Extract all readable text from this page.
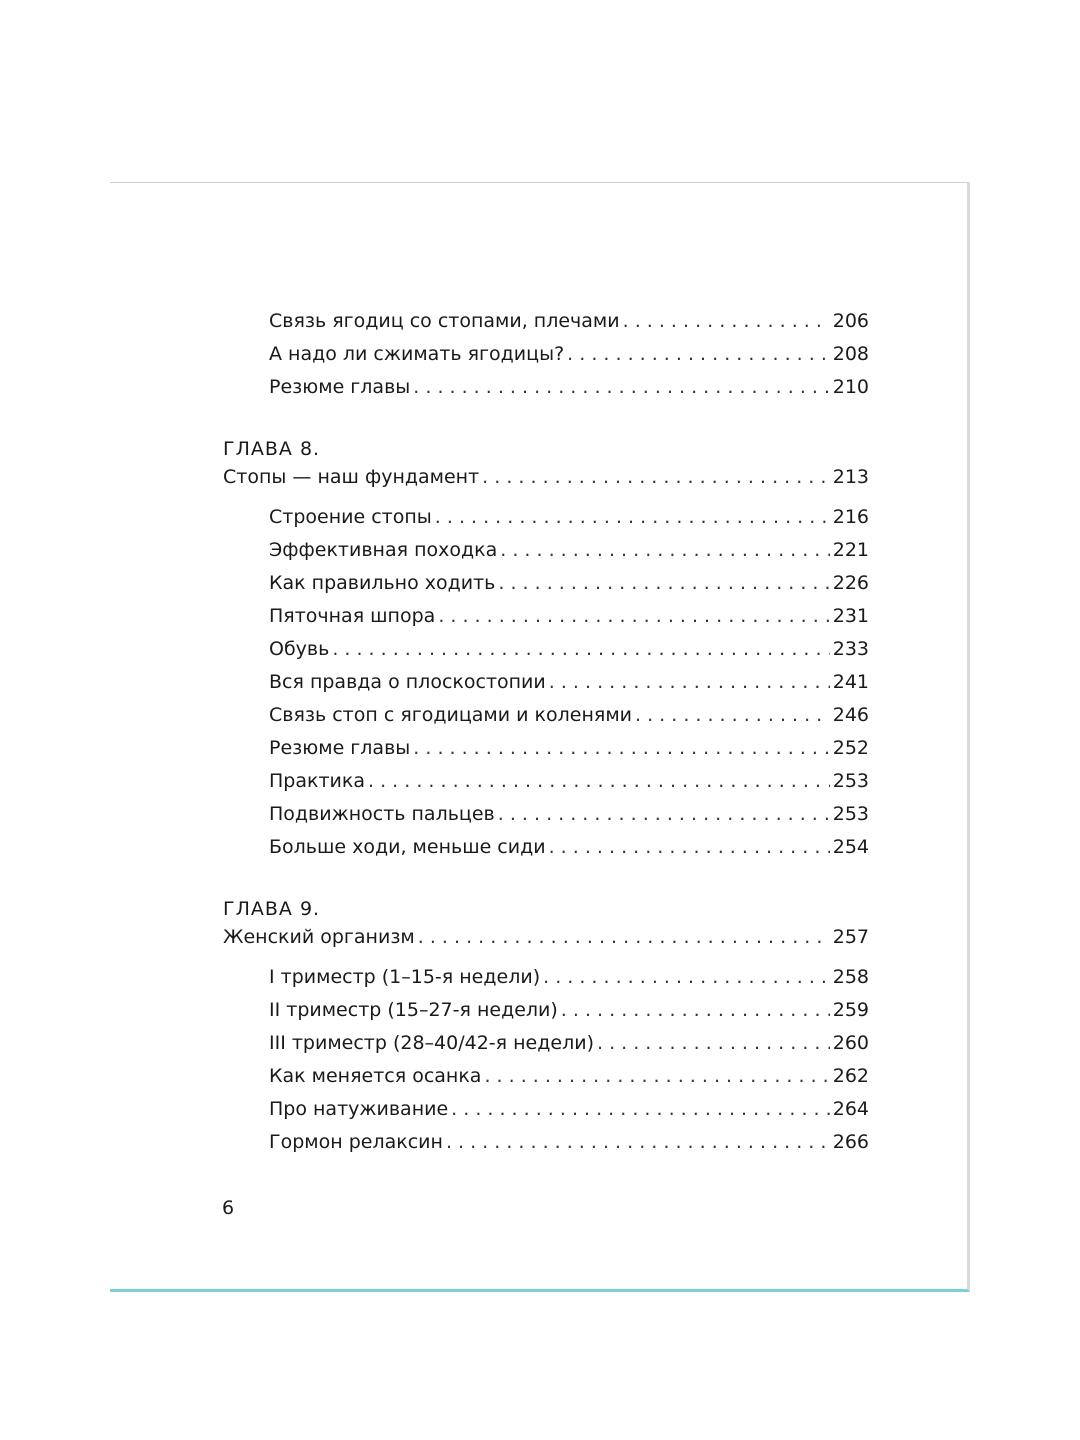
Связь ягодиц со стопами, плечами . . .	206
А надо ли сжимать ягодицы? . . .	208
Резюме главы . . .	210
ГЛАВА 8.
Стопы — наш фундамент . . .	213
Строение стопы . . .	216
Эффективная походка . . .	221
Как правильно ходить . . .	226
Пяточная шпора . . .	231
Обувь . . .	233
Вся правда о плоскостопии . . .	241
Связь стоп с ягодицами и коленями . . .	246
Резюме главы . . .	252
Практика . . .	253
Подвижность пальцев . . .	253
Больше ходи, меньше сиди . . .	254
ГЛАВА 9.
Женский организм . . .	257
I триместр (1–15-я недели) . . .	258
II триместр (15–27-я недели) . . .	259
III триместр (28–40/42-я недели) . . .	260
Как меняется осанка . . .	262
Про натуживание . . .	264
Гормон релаксин . . .	266
6
